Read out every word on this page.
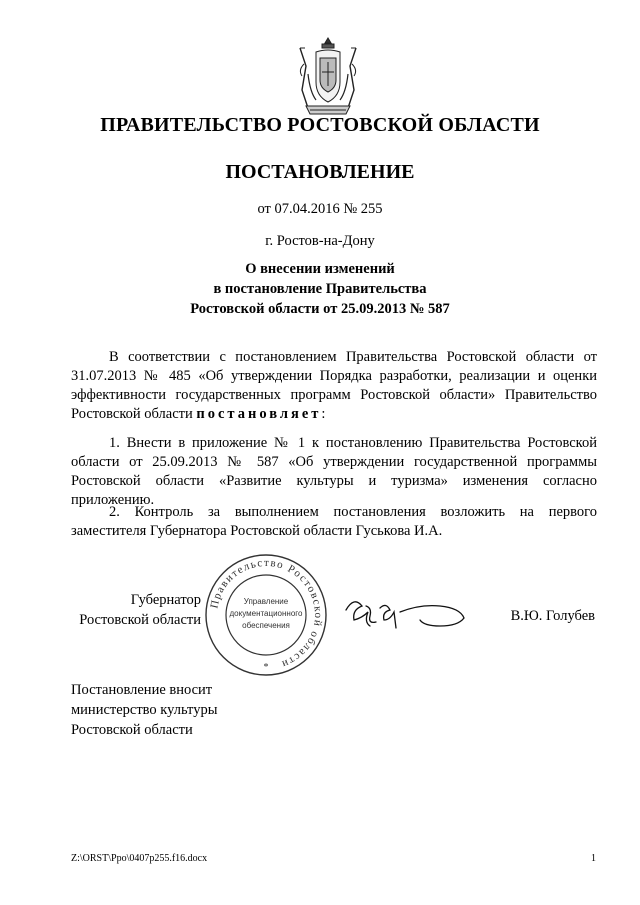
ПРАВИТЕЛЬСТВО РОСТОВСКОЙ ОБЛАСТИ
ПОСТАНОВЛЕНИЕ
от 07.04.2016 № 255
г. Ростов-на-Дону
О внесении изменений
в постановление Правительства
Ростовской области от 25.09.2013 № 587
В соответствии с постановлением Правительства Ростовской области от 31.07.2013 № 485 «Об утверждении Порядка разработки, реализации и оценки эффективности государственных программ Ростовской области» Правительство Ростовской области постановляет:
1. Внести в приложение № 1 к постановлению Правительства Ростовской области от 25.09.2013 № 587 «Об утверждении государственной программы Ростовской области «Развитие культуры и туризма» изменения согласно приложению.
2. Контроль за выполнением постановления возложить на первого заместителя Губернатора Ростовской области Гуськова И.А.
Губернатор
Ростовской области
Правительство Ростовской области
Управление
документационного
обеспечения
*
В.Ю. Голубев
Постановление вносит
министерство культуры
Ростовской области
Z:\ORST\Ppo\0407p255.f16.docx	1
